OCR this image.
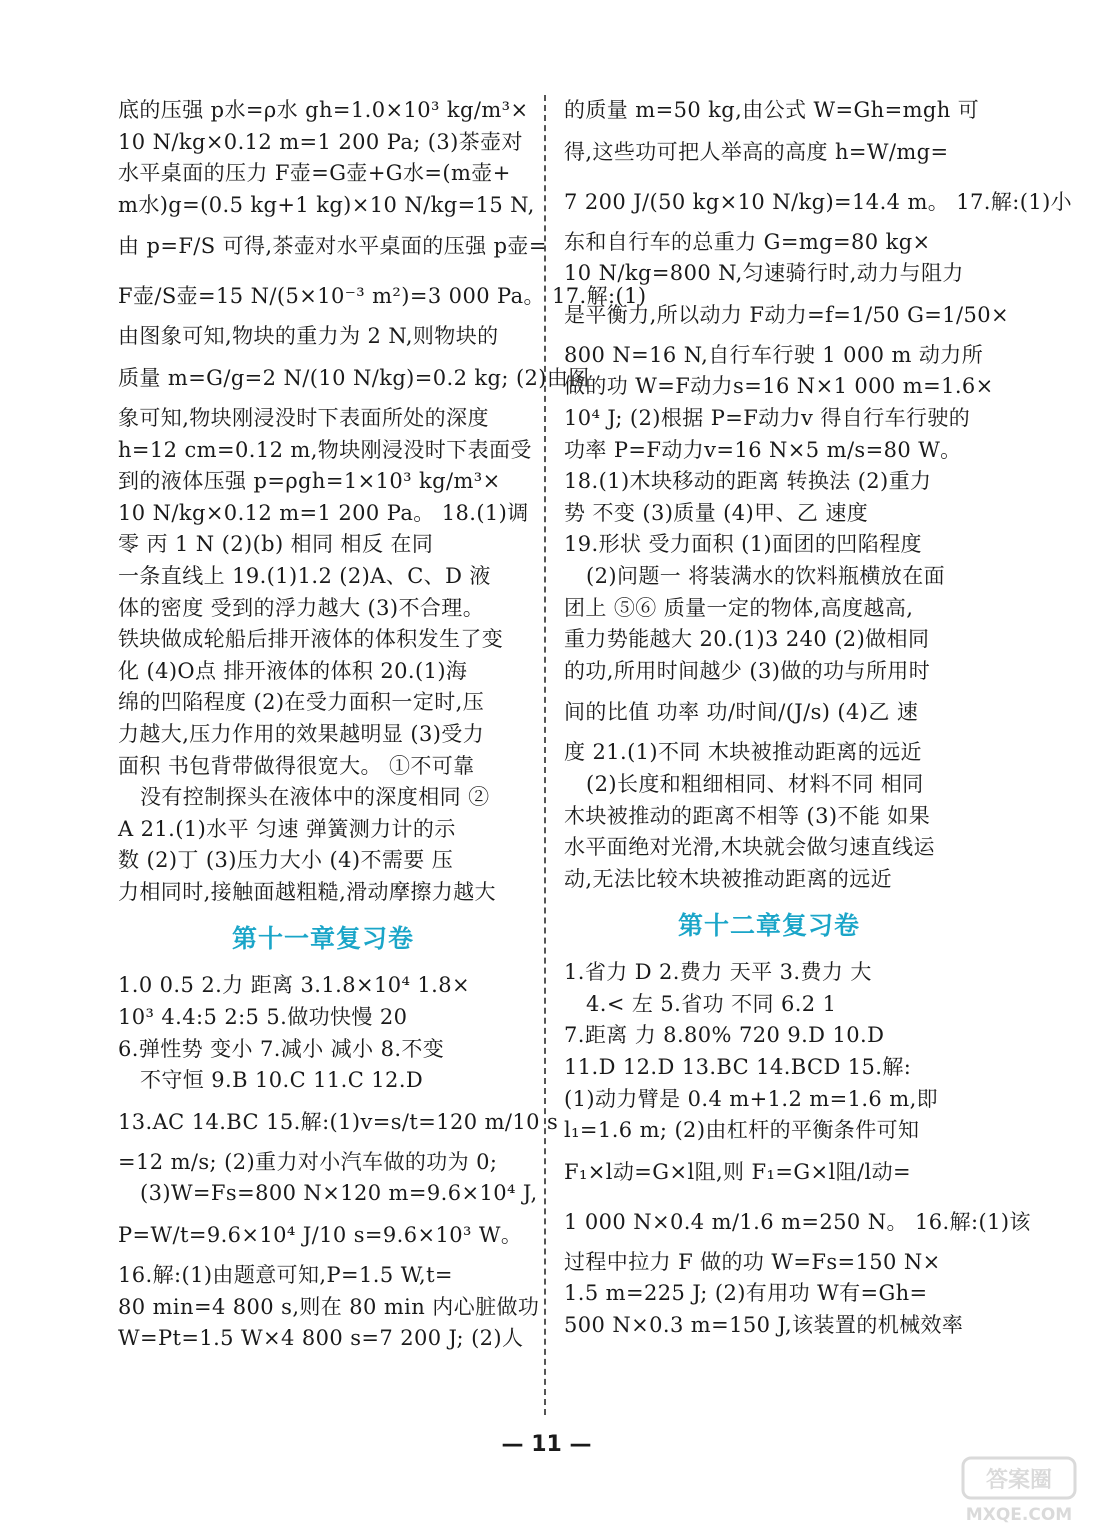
底的压强 p水=ρ水 gh=1.0×10³ kg/m³×
10 N/kg×0.12 m=1 200 Pa; (3)茶壶对
水平桌面的压力 F壶=G壶+G水=(m壶+
m水)g=(0.5 kg+1 kg)×10 N/kg=15 N,
由 p=F/S 可得,茶壶对水平桌面的压强 p壶=
F壶/S壶=15 N/(5×10⁻³ m²)=3 000 Pa。 17.解:(1)
由图象可知,物块的重力为 2 N,则物块的
质量 m=G/g=2 N/(10 N/kg)=0.2 kg; (2)由图
象可知,物块刚浸没时下表面所处的深度
h=12 cm=0.12 m,物块刚浸没时下表面受
到的液体压强 p=ρgh=1×10³ kg/m³×
10 N/kg×0.12 m=1 200 Pa。 18.(1)调
零 丙 1 N (2)(b) 相同 相反 在同
一条直线上 19.(1)1.2 (2)A、C、D 液
体的密度 受到的浮力越大 (3)不合理。
铁块做成轮船后排开液体的体积发生了变
化 (4)O点 排开液体的体积 20.(1)海
绵的凹陷程度 (2)在受力面积一定时,压
力越大,压力作用的效果越明显 (3)受力
面积 书包背带做得很宽大。 ①不可靠
没有控制探头在液体中的深度相同 ②
A 21.(1)水平 匀速 弹簧测力计的示
数 (2)丁 (3)压力大小 (4)不需要 压
力相同时,接触面越粗糙,滑动摩擦力越大
第十一章复习卷
1.0 0.5 2.力 距离 3.1.8×10⁴ 1.8×
10³ 4.4:5 2:5 5.做功快慢 20
6.弹性势 变小 7.减小 减小 8.不变
不守恒 9.B 10.C 11.C 12.D
13.AC 14.BC 15.解:(1)v=s/t=120 m/10 s
=12 m/s; (2)重力对小汽车做的功为 0;
(3)W=Fs=800 N×120 m=9.6×10⁴ J,
P=W/t=9.6×10⁴ J/10 s=9.6×10³ W。
16.解:(1)由题意可知,P=1.5 W,t=
80 min=4 800 s,则在 80 min 内心脏做功
W=Pt=1.5 W×4 800 s=7 200 J; (2)人
的质量 m=50 kg,由公式 W=Gh=mgh 可
得,这些功可把人举高的高度 h=W/mg=
7 200 J/(50 kg×10 N/kg)=14.4 m。 17.解:(1)小
东和自行车的总重力 G=mg=80 kg×
10 N/kg=800 N,匀速骑行时,动力与阻力
是平衡力,所以动力 F动力=f=1/50 G=1/50×
800 N=16 N,自行车行驶 1 000 m 动力所
做的功 W=F动力s=16 N×1 000 m=1.6×
10⁴ J; (2)根据 P=F动力v 得自行车行驶的
功率 P=F动力v=16 N×5 m/s=80 W。
18.(1)木块移动的距离 转换法 (2)重力
势 不变 (3)质量 (4)甲、乙 速度
19.形状 受力面积 (1)面团的凹陷程度
(2)问题一 将装满水的饮料瓶横放在面
团上 ⑤⑥ 质量一定的物体,高度越高,
重力势能越大 20.(1)3 240 (2)做相同
的功,所用时间越少 (3)做的功与所用时
间的比值 功率 功/时间/(J/s) (4)乙 速
度 21.(1)不同 木块被推动距离的远近
(2)长度和粗细相同、材料不同 相同
木块被推动的距离不相等 (3)不能 如果
水平面绝对光滑,木块就会做匀速直线运
动,无法比较木块被推动距离的远近
第十二章复习卷
1.省力 D 2.费力 天平 3.费力 大
4.< 左 5.省功 不同 6.2 1
7.距离 力 8.80% 720 9.D 10.D
11.D 12.D 13.BC 14.BCD 15.解:
(1)动力臂是 0.4 m+1.2 m=1.6 m,即
l₁=1.6 m; (2)由杠杆的平衡条件可知
F₁×l动=G×l阻,则 F₁=G×l阻/l动=
1 000 N×0.4 m/1.6 m=250 N。 16.解:(1)该
过程中拉力 F 做的功 W=Fs=150 N×
1.5 m=225 J; (2)有用功 W有=Gh=
500 N×0.3 m=150 J,该装置的机械效率
— 11 —
答案圈
MXQE.COM
